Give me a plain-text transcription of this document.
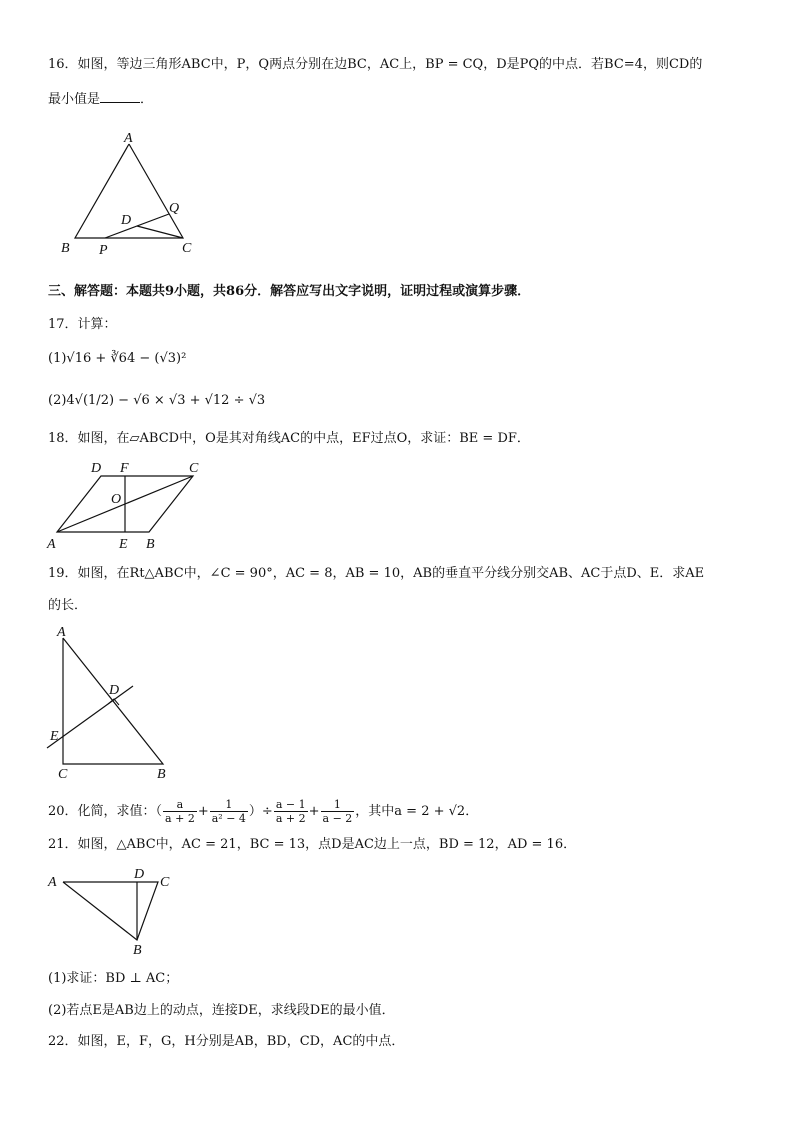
16．如图，等边三角形ABC中，P，Q两点分别在边BC，AC上，BP = CQ，D是PQ的中点．若BC=4，则CD的
最小值是	．
A
B	C
P
Q
D
三、解答题：本题共9小题，共86分．解答应写出文字说明，证明过程或演算步骤．
17．计算：
(1)√16 + ∛64 − (√3)²
(2)4√(1/2) − √6 × √3 + √12 ÷ √3
18．如图，在▱ABCD中，O是其对角线AC的中点，EF过点O，求证：BE = DF．
D F	C
O
A	E B
19．如图，在Rt△ABC中，∠C = 90°，AC = 8，AB = 10，AB的垂直平分线分别交AB、AC于点D、E．求AE
的长．
A
D
E
C	B
20．化简，求值：（ $\frac{a}{a + 2} + \frac{1}{\text{a² − 4}}$ ）÷ $\frac{a - 1}{a + 2} + \frac{1}{a - 2}$ ，其中a = 2 + √2．
21．如图，△ABC中，AC = 21，BC = 13，点D是AC边上一点，BD = 12，AD = 16．
A
D
C
B
(1)求证：BD ⊥ AC；
(2)若点E是AB边上的动点，连接DE，求线段DE的最小值．
22．如图，E，F，G，H分别是AB，BD，CD，AC的中点．
